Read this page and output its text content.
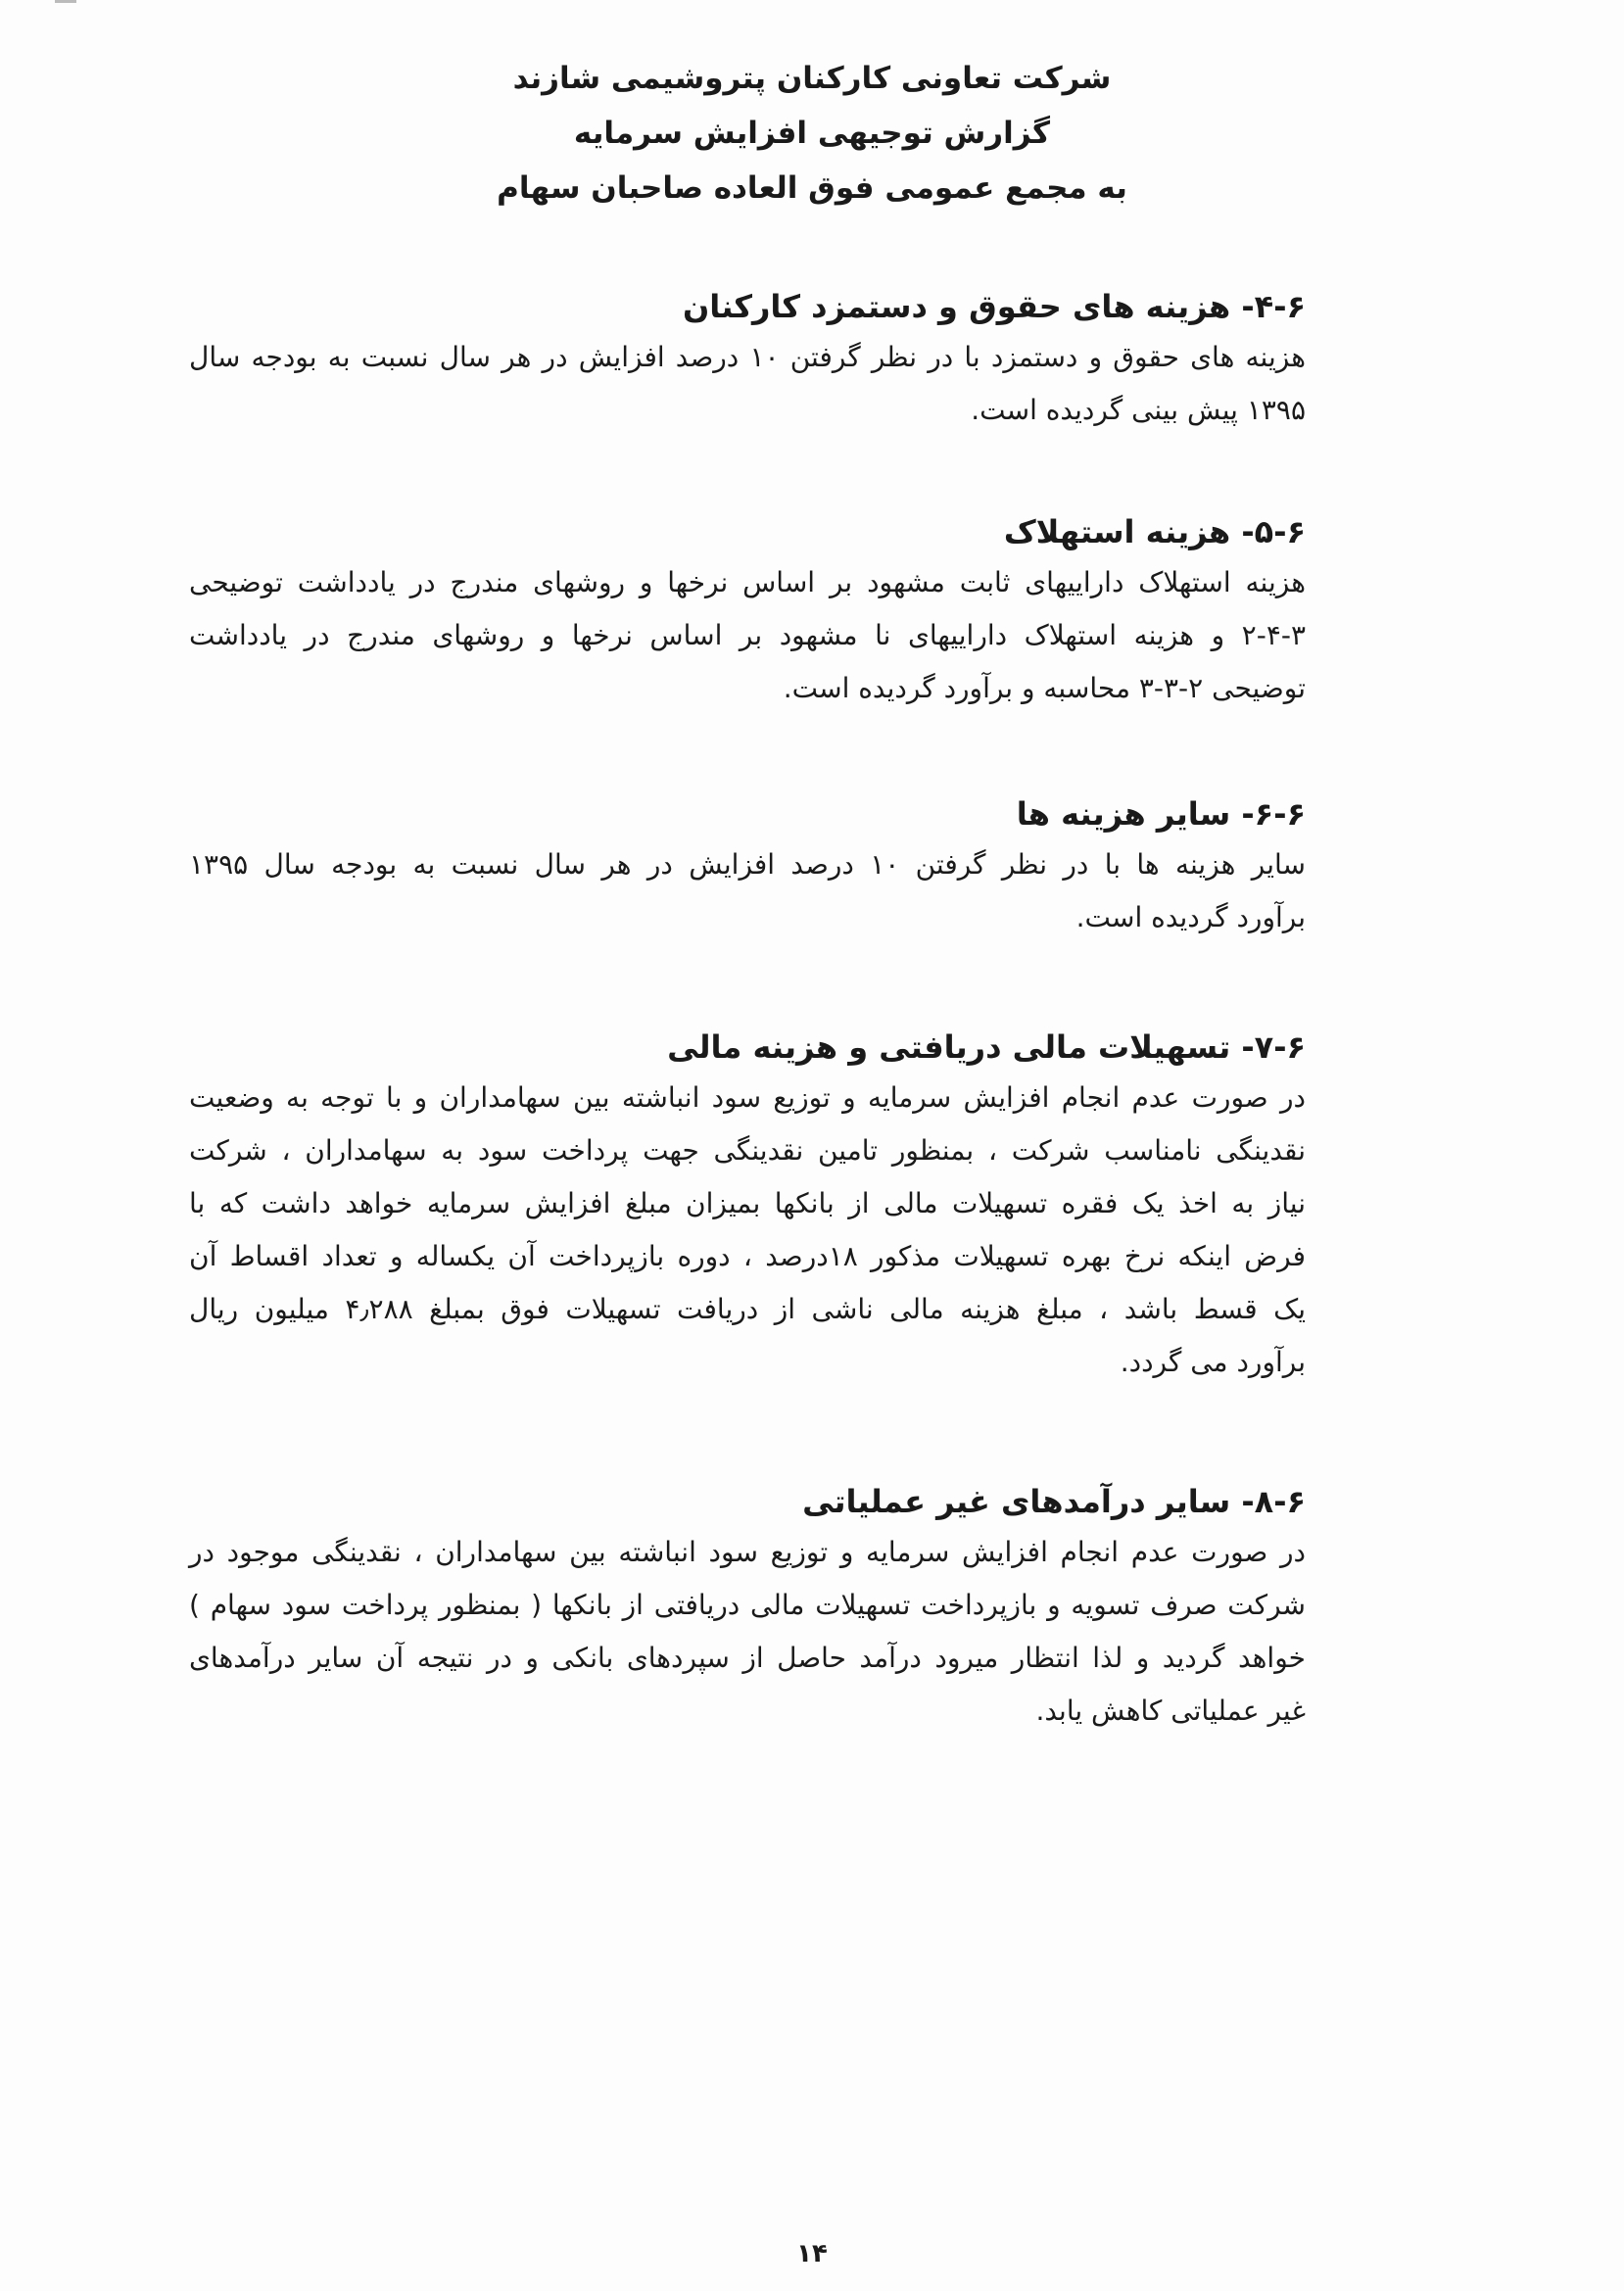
شرکت تعاونی کارکنان پتروشیمی شازند
گزارش توجیهی افزایش سرمایه
به مجمع عمومی فوق العاده صاحبان سهام
۴-۶- هزینه های حقوق و دستمزد کارکنان
هزینه های حقوق و دستمزد با در نظر گرفتن ۱۰ درصد افزایش در هر سال نسبت به بودجه سال
۱۳۹۵ پیش بینی گردیده است.
۵-۶- هزینه استهلاک
هزینه استهلاک داراییهای ثابت مشهود بر اساس نرخها و روشهای مندرج در یادداشت توضیحی
۲-۴-۳ و هزینه استهلاک داراییهای نا مشهود بر اساس نرخها و روشهای مندرج در یادداشت
توضیحی ۲-۳-۳ محاسبه و برآورد گردیده است.
۶-۶- سایر هزینه ها
سایر هزینه ها با در نظر گرفتن ۱۰ درصد افزایش در هر سال نسبت به بودجه سال ۱۳۹۵
برآورد گردیده است.
۷-۶- تسهیلات مالی دریافتی و هزینه مالی
در صورت عدم انجام افزایش سرمایه و توزیع سود انباشته بین سهامداران و با توجه به وضعیت
نقدینگی نامناسب شرکت ، بمنظور تامین نقدینگی جهت پرداخت سود به سهامداران ، شرکت
نیاز به اخذ یک فقره تسهیلات مالی از بانکها بمیزان مبلغ افزایش سرمایه خواهد داشت که با
فرض اینکه نرخ بهره تسهیلات مذکور ۱۸درصد ، دوره بازپرداخت آن یکساله و تعداد اقساط آن
یک قسط باشد ، مبلغ هزینه مالی ناشی از دریافت تسهیلات فوق بمبلغ ۴٫۲۸۸ میلیون ریال
برآورد می گردد.
۸-۶- سایر درآمدهای غیر عملیاتی
در صورت عدم انجام افزایش سرمایه و توزیع سود انباشته بین سهامداران ، نقدینگی موجود در
شرکت صرف تسویه و بازپرداخت تسهیلات مالی دریافتی از بانکها ( بمنظور پرداخت سود سهام )
خواهد گردید و لذا انتظار میرود درآمد حاصل از سپردهای بانکی و در نتیجه آن سایر درآمدهای
غیر عملیاتی کاهش یابد.
۱۴
